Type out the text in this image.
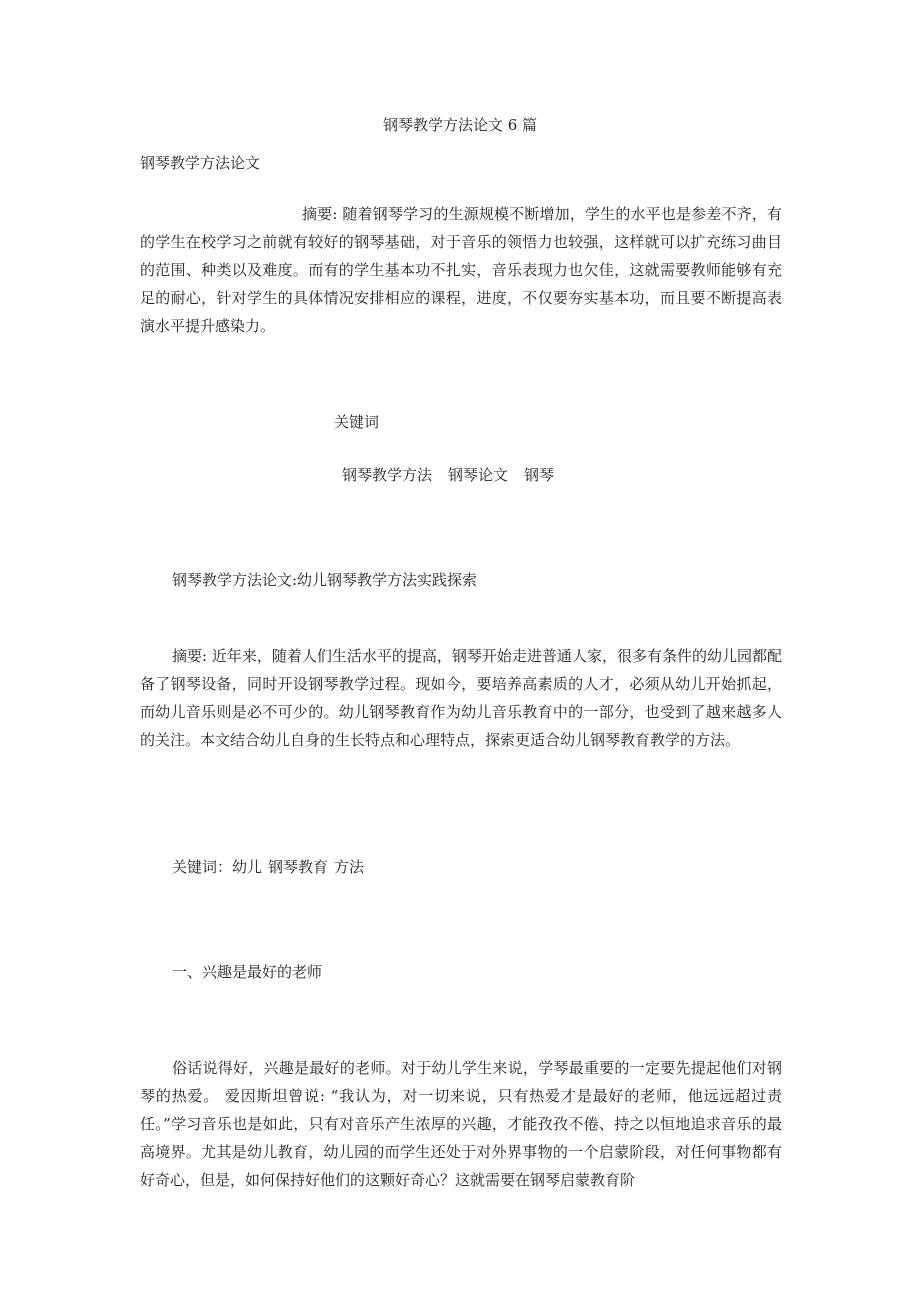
钢琴教学方法论文 6 篇
钢琴教学方法论文
摘要: 随着钢琴学习的生源规模不断增加，学生的水平也是参差不齐，有的学生在校学习之前就有较好的钢琴基础，对于音乐的领悟力也较强，这样就可以扩充练习曲目的范围、种类以及难度。而有的学生基本功不扎实，音乐表现力也欠佳，这就需要教师能够有充足的耐心，针对学生的具体情况安排相应的课程，进度，不仅要夯实基本功，而且要不断提高表演水平提升感染力。
关键词
钢琴教学方法 钢琴论文 钢琴
钢琴教学方法论文:幼儿钢琴教学方法实践探索
摘要: 近年来，随着人们生活水平的提高，钢琴开始走进普通人家，很多有条件的幼儿园都配备了钢琴设备，同时开设钢琴教学过程。现如今，要培养高素质的人才，必须从幼儿开始抓起，而幼儿音乐则是必不可少的。幼儿钢琴教育作为幼儿音乐教育中的一部分，也受到了越来越多人的关注。本文结合幼儿自身的生长特点和心理特点，探索更适合幼儿钢琴教育教学的方法。
关键词：幼儿 钢琴教育 方法
一、兴趣是最好的老师
俗话说得好，兴趣是最好的老师。对于幼儿学生来说，学琴最重要的一定要先提起他们对钢琴的热爱。 爱因斯坦曾说: “我认为，对一切来说，只有热爱才是最好的老师，他远远超过责任。”学习音乐也是如此，只有对音乐产生浓厚的兴趣，才能孜孜不倦、持之以恒地追求音乐的最高境界。尤其是幼儿教育，幼儿园的而学生还处于对外界事物的一个启蒙阶段，对任何事物都有好奇心，但是，如何保持好他们的这颗好奇心？这就需要在钢琴启蒙教育阶
